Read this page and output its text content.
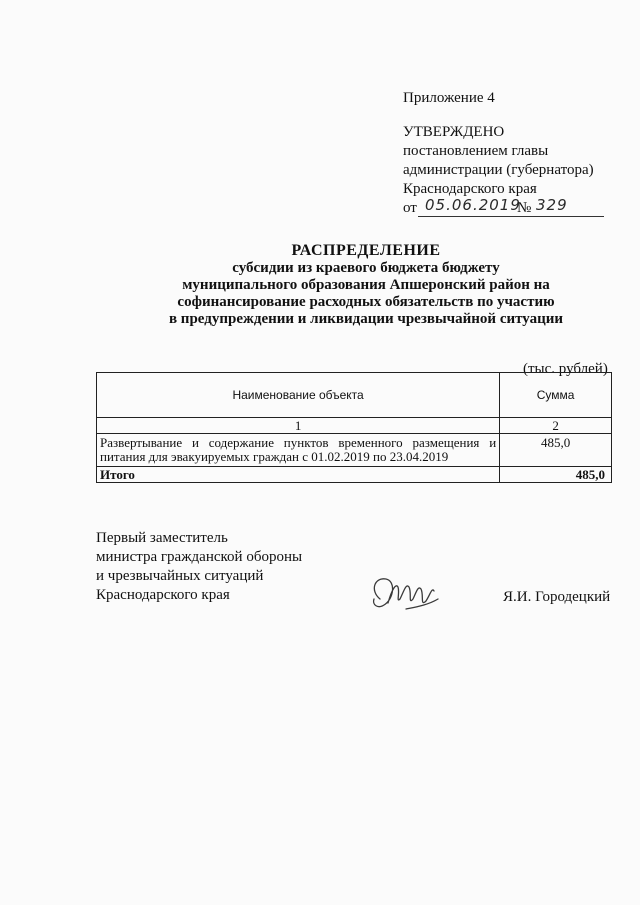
Приложение 4
УТВЕРЖДЕНО
постановлением главы
администрации (губернатора)
Краснодарского края
от 05.06.2019
№ 329
РАСПРЕДЕЛЕНИЕ
субсидии из краевого бюджета бюджету
муниципального образования Апшеронский район на
софинансирование расходных обязательств по участию
в предупреждении и ликвидации чрезвычайной ситуации
(тыс. рублей)
Наименование объекта	Сумма
1	2

Развертывание и содержание пунктов временного размещения и
питания для эвакуируемых граждан с 01.02.2019 по 23.04.2019	485,0
Итого	485,0
Первый заместитель
министра гражданской обороны
и чрезвычайных ситуаций
Краснодарского края	Я.И. Городецкий
